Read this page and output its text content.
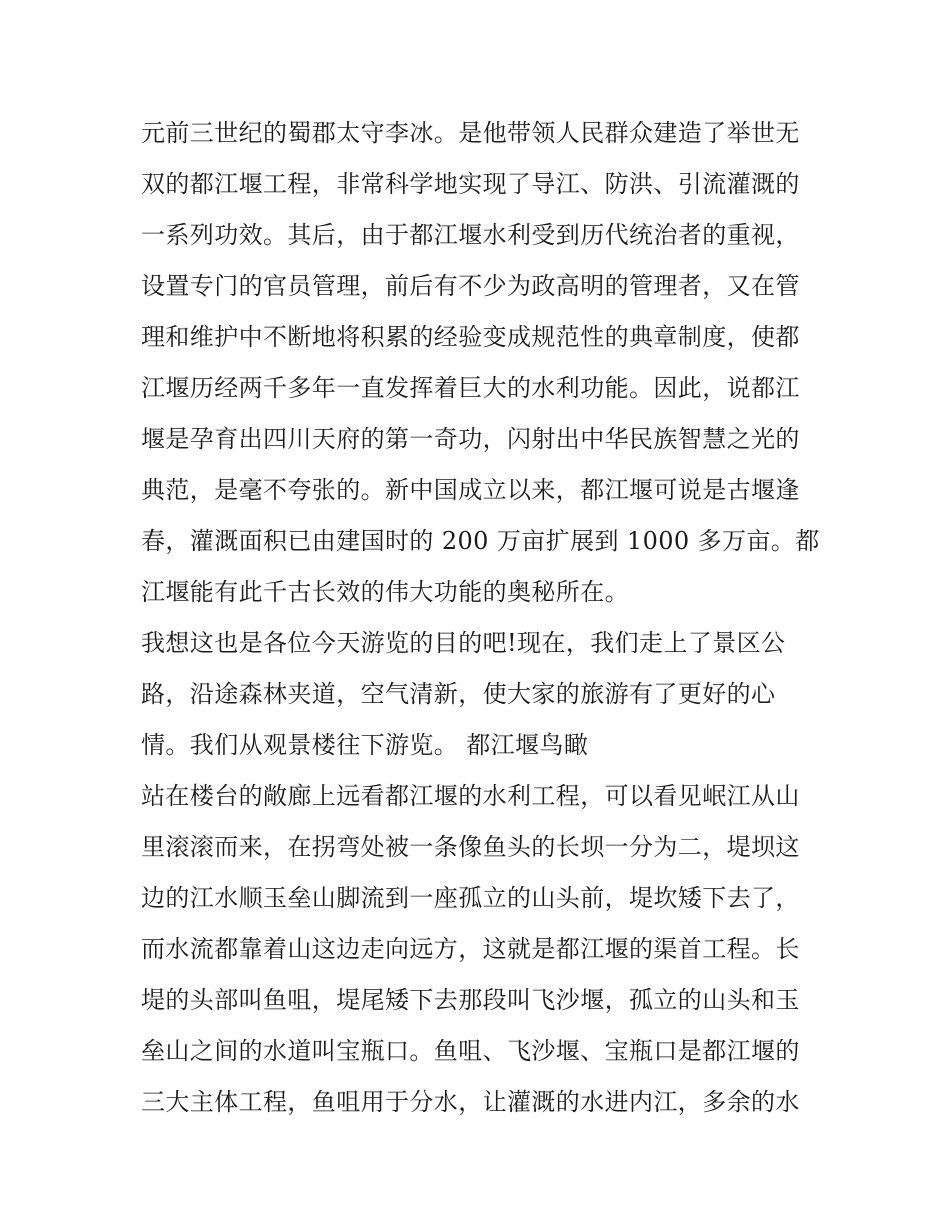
元前三世纪的蜀郡太守李冰。是他带领人民群众建造了举世无
双的都江堰工程，非常科学地实现了导江、防洪、引流灌溉的
一系列功效。其后，由于都江堰水利受到历代统治者的重视，
设置专门的官员管理，前后有不少为政高明的管理者，又在管
理和维护中不断地将积累的经验变成规范性的典章制度，使都
江堰历经两千多年一直发挥着巨大的水利功能。因此，说都江
堰是孕育出四川天府的第一奇功，闪射出中华民族智慧之光的
典范，是毫不夸张的。新中国成立以来，都江堰可说是古堰逢
春，灌溉面积已由建国时的 200 万亩扩展到 1000 多万亩。都
江堰能有此千古长效的伟大功能的奥秘所在。
我想这也是各位今天游览的目的吧!现在，我们走上了景区公
路，沿途森林夹道，空气清新，使大家的旅游有了更好的心
情。我们从观景楼往下游览。 都江堰鸟瞰
站在楼台的敞廊上远看都江堰的水利工程，可以看见岷江从山
里滚滚而来，在拐弯处被一条像鱼头的长坝一分为二，堤坝这
边的江水顺玉垒山脚流到一座孤立的山头前，堤坎矮下去了，
而水流都靠着山这边走向远方，这就是都江堰的渠首工程。长
堤的头部叫鱼咀，堤尾矮下去那段叫飞沙堰，孤立的山头和玉
垒山之间的水道叫宝瓶口。鱼咀、飞沙堰、宝瓶口是都江堰的
三大主体工程，鱼咀用于分水，让灌溉的水进内江，多余的水
